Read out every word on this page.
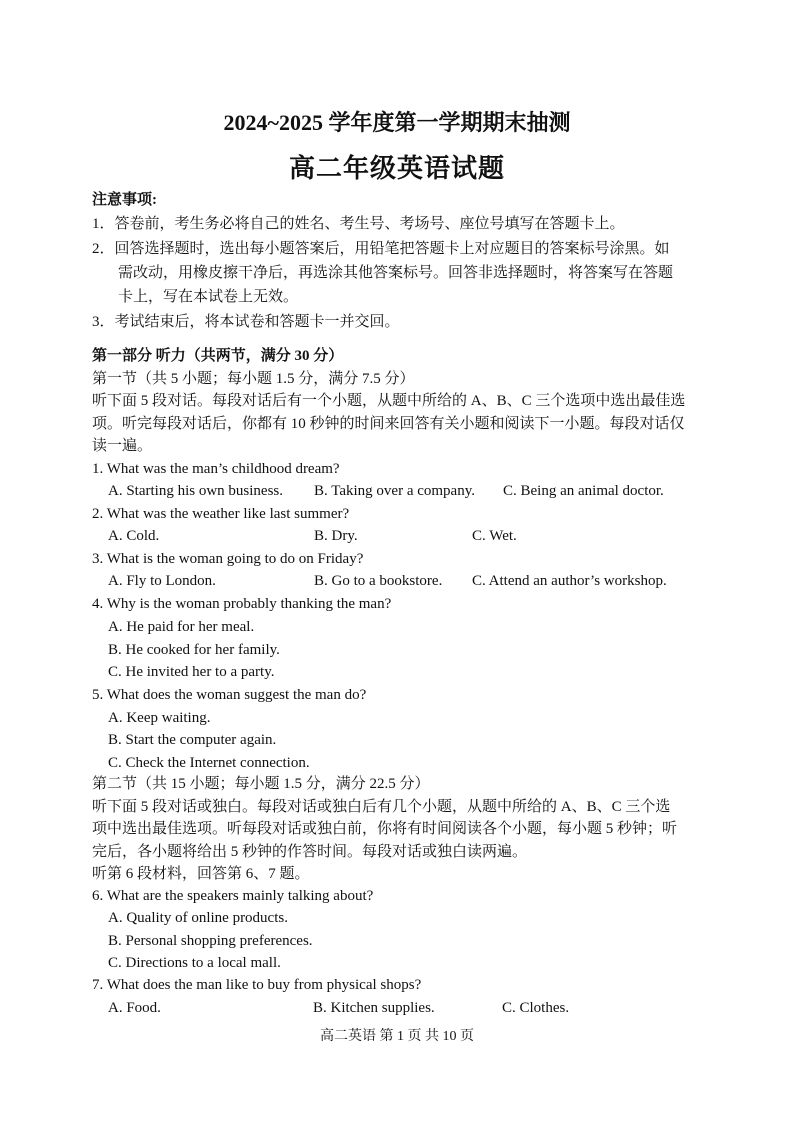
2024~2025 学年度第一学期期末抽测
高二年级英语试题
注意事项:
1．答卷前，考生务必将自己的姓名、考生号、考场号、座位号填写在答题卡上。
2．回答选择题时，选出每小题答案后，用铅笔把答题卡上对应题目的答案标号涂黑。如
需改动，用橡皮擦干净后，再选涂其他答案标号。回答非选择题时，将答案写在答题
卡上，写在本试卷上无效。
3．考试结束后，将本试卷和答题卡一并交回。
第一部分 听力（共两节，满分 30 分）
第一节（共 5 小题；每小题 1.5 分，满分 7.5 分）
听下面 5 段对话。每段对话后有一个小题，从题中所给的 A、B、C 三个选项中选出最佳选
项。听完每段对话后，你都有 10 秒钟的时间来回答有关小题和阅读下一小题。每段对话仅
读一遍。
1. What was the man’s childhood dream?
A. Starting his own business. B. Taking over a company. C. Being an animal doctor.
2. What was the weather like last summer?
A. Cold.	B. Dry.	C. Wet.
3. What is the woman going to do on Friday?
A. Fly to London.	B. Go to a bookstore. C. Attend an author’s workshop.
4. Why is the woman probably thanking the man?
A. He paid for her meal.
B. He cooked for her family.
C. He invited her to a party.
5. What does the woman suggest the man do?
A. Keep waiting.
B. Start the computer again.
C. Check the Internet connection.
第二节（共 15 小题；每小题 1.5 分，满分 22.5 分）
听下面 5 段对话或独白。每段对话或独白后有几个小题，从题中所给的 A、B、C 三个选
项中选出最佳选项。听每段对话或独白前，你将有时间阅读各个小题，每小题 5 秒钟；听
完后，各小题将给出 5 秒钟的作答时间。每段对话或独白读两遍。
听第 6 段材料，回答第 6、7 题。
6. What are the speakers mainly talking about?
A. Quality of online products.
B. Personal shopping preferences.
C. Directions to a local mall.
7. What does the man like to buy from physical shops?
A. Food.	B. Kitchen supplies.	C. Clothes.
高二英语 第 1 页 共 10 页
